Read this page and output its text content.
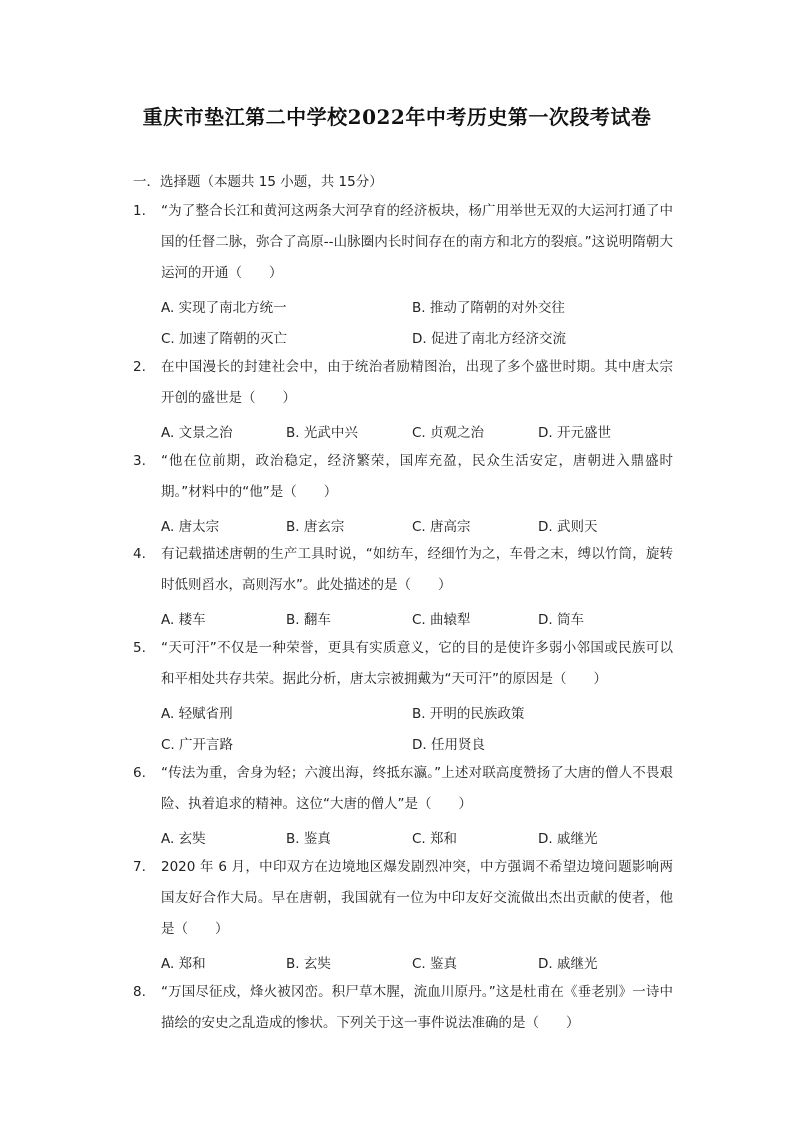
重庆市垫江第二中学校2022年中考历史第一次段考试卷
一．选择题（本题共 15 小题，共 15分）
1. “为了整合长江和黄河这两条大河孕育的经济板块，杨广用举世无双的大运河打通了中国的任督二脉，弥合了高原--山脉圈内长时间存在的南方和北方的裂痕。”这说明隋朝大运河的开通（　　）
A. 实现了南北方统一	B. 推动了隋朝的对外交往
C. 加速了隋朝的灭亡	D. 促进了南北方经济交流
2. 在中国漫长的封建社会中，由于统治者励精图治，出现了多个盛世时期。其中唐太宗开创的盛世是（　　）
A. 文景之治	B. 光武中兴	C. 贞观之治	D. 开元盛世
3. “他在位前期，政治稳定，经济繁荣，国库充盈，民众生活安定，唐朝进入鼎盛时期。”材料中的“他”是（　　）
A. 唐太宗	B. 唐玄宗	C. 唐高宗	D. 武则天
4. 有记载描述唐朝的生产工具时说，“如纺车，经细竹为之，车骨之末，缚以竹筒，旋转时低则舀水，高则泻水”。此处描述的是（　　）
A. 耧车	B. 翻车	C. 曲辕犁	D. 筒车
5. “天可汗”不仅是一种荣誉，更具有实质意义，它的目的是使许多弱小邻国或民族可以和平相处共存共荣。据此分析，唐太宗被拥戴为“天可汗”的原因是（　　）
A. 轻赋省刑	B. 开明的民族政策
C. 广开言路	D. 任用贤良
6. “传法为重，舍身为轻；六渡出海，终抵东瀛。”上述对联高度赞扬了大唐的僧人不畏艰险、执着追求的精神。这位“大唐的僧人”是（　　）
A. 玄奘	B. 鉴真	C. 郑和	D. 戚继光
7. 2020 年 6 月，中印双方在边境地区爆发剧烈冲突，中方强调不希望边境问题影响两国友好合作大局。早在唐朝，我国就有一位为中印友好交流做出杰出贡献的使者，他是（　　）
A. 郑和	B. 玄奘	C. 鉴真	D. 戚继光
8. “万国尽征戍，烽火被冈峦。积尸草木腥，流血川原丹。”这是杜甫在《垂老别》一诗中描绘的安史之乱造成的惨状。下列关于这一事件说法准确的是（　　）
